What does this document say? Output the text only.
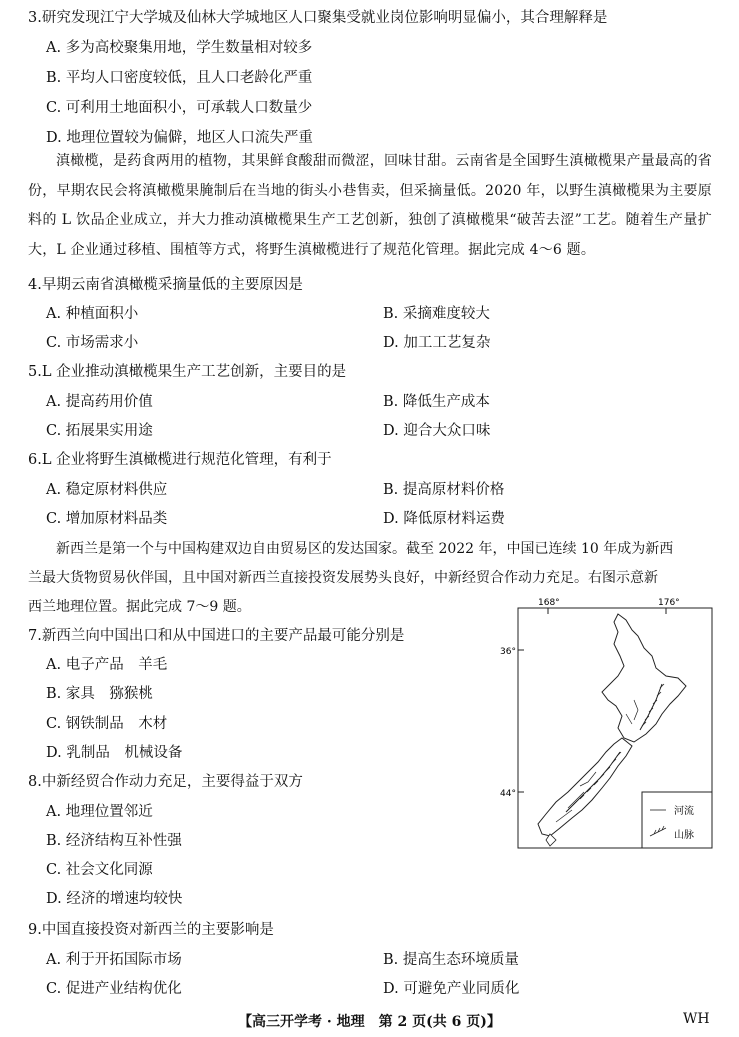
3.研究发现江宁大学城及仙林大学城地区人口聚集受就业岗位影响明显偏小，其合理解释是
A. 多为高校聚集用地，学生数量相对较多
B. 平均人口密度较低，且人口老龄化严重
C. 可利用土地面积小，可承载人口数量少
D. 地理位置较为偏僻，地区人口流失严重

滇橄榄，是药食两用的植物，其果鲜食酸甜而微涩，回味甘甜。云南省是全国野生滇橄榄果产量最高的省份，早期农民会将滇橄榄果腌制后在当地的街头小巷售卖，但采摘量低。2020 年，以野生滇橄榄果为主要原料的 L 饮品企业成立，并大力推动滇橄榄果生产工艺创新，独创了滇橄榄果“破苦去涩”工艺。随着生产量扩大，L 企业通过移植、围植等方式，将野生滇橄榄进行了规范化管理。据此完成 4～6 题。

4.早期云南省滇橄榄采摘量低的主要原因是
A. 种植面积小	B. 采摘难度较大
C. 市场需求小	D. 加工工艺复杂
5.L 企业推动滇橄榄果生产工艺创新，主要目的是
A. 提高药用价值	B. 降低生产成本
C. 拓展果实用途	D. 迎合大众口味
6.L 企业将野生滇橄榄进行规范化管理，有利于
A. 稳定原材料供应	B. 提高原材料价格
C. 增加原材料品类	D. 降低原材料运费
新西兰是第一个与中国构建双边自由贸易区的发达国家。截至 2022 年，中国已连续 10 年成为新西
兰最大货物贸易伙伴国，且中国对新西兰直接投资发展势头良好，中新经贸合作动力充足。右图示意新
西兰地理位置。据此完成 7～9 题。
7.新西兰向中国出口和从中国进口的主要产品最可能分别是
A. 电子产品　羊毛
B. 家具　猕猴桃
C. 钢铁制品　木材
D. 乳制品　机械设备
8.中新经贸合作动力充足，主要得益于双方
A. 地理位置邻近
B. 经济结构互补性强
C. 社会文化同源
D. 经济的增速均较快
9.中国直接投资对新西兰的主要影响是
A. 利于开拓国际市场	B. 提高生态环境质量
C. 促进产业结构优化	D. 可避免产业同质化
168°	176°
36°
44°
河流
山脉
【高三开学考 · 地理　第 2 页(共 6 页)】	WH
